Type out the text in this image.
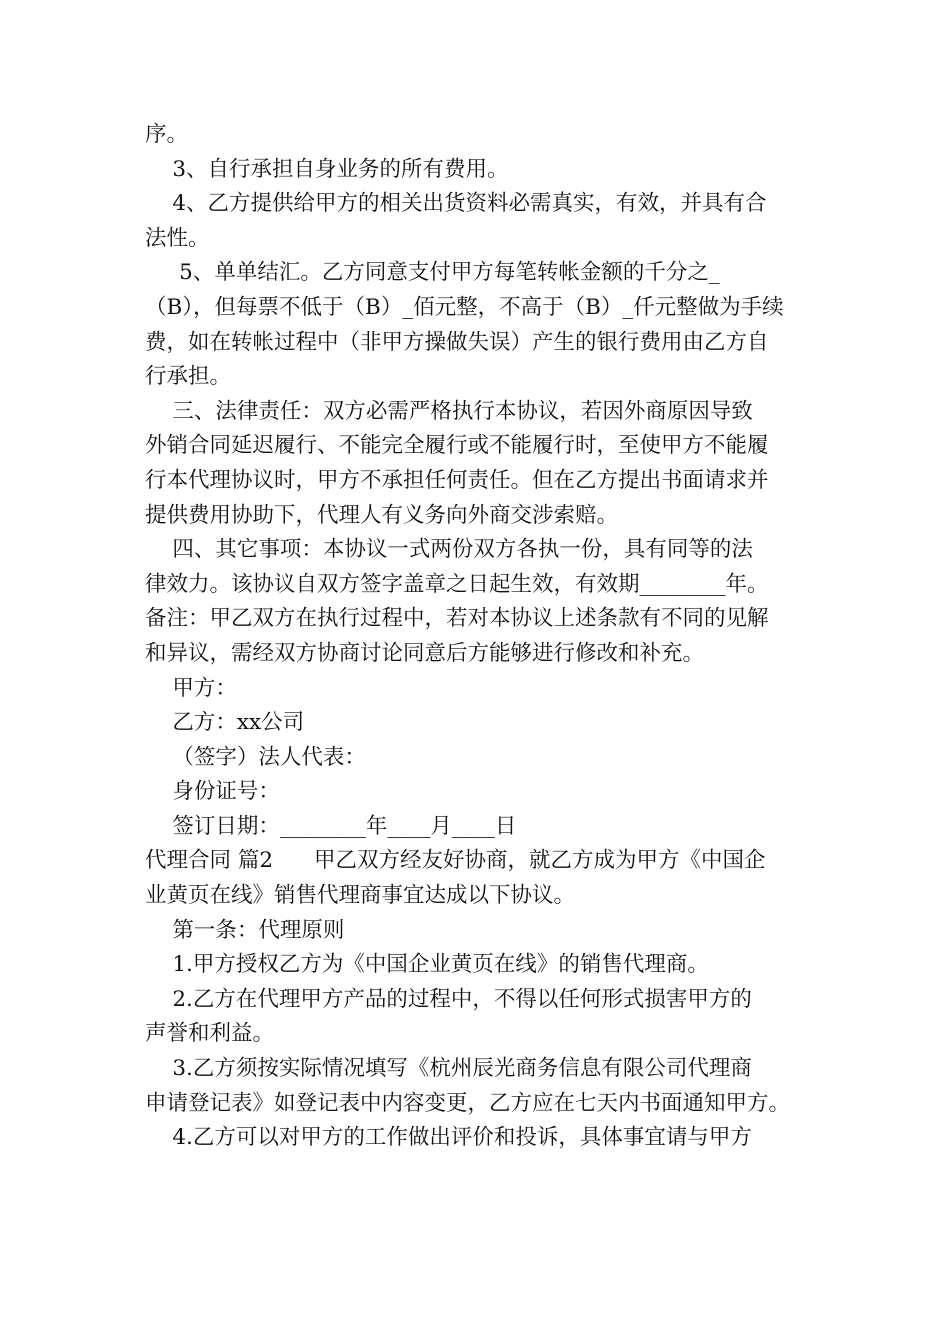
序。
3、自行承担自身业务的所有费用。
4、乙方提供给甲方的相关出货资料必需真实，有效，并具有合
法性。
5、单单结汇。乙方同意支付甲方每笔转帐金额的千分之_
（B），但每票不低于（B）_佰元整，不高于（B）_仟元整做为手续
费，如在转帐过程中（非甲方操做失误）产生的银行费用由乙方自
行承担。
三、法律责任：双方必需严格执行本协议，若因外商原因导致
外销合同延迟履行、不能完全履行或不能履行时，至使甲方不能履
行本代理协议时，甲方不承担任何责任。但在乙方提出书面请求并
提供费用协助下，代理人有义务向外商交涉索赔。
四、其它事项：本协议一式两份双方各执一份，具有同等的法
律效力。该协议自双方签字盖章之日起生效，有效期________年。
备注：甲乙双方在执行过程中，若对本协议上述条款有不同的见解
和异议，需经双方协商讨论同意后方能够进行修改和补充。
甲方：
乙方：xx公司
（签字）法人代表：
身份证号：
签订日期：________年____月____日
代理合同 篇2      甲乙双方经友好协商，就乙方成为甲方《中国企
业黄页在线》销售代理商事宜达成以下协议。
第一条：代理原则
1.甲方授权乙方为《中国企业黄页在线》的销售代理商。
2.乙方在代理甲方产品的过程中，不得以任何形式损害甲方的
声誉和利益。
3.乙方须按实际情况填写《杭州辰光商务信息有限公司代理商
申请登记表》如登记表中内容变更，乙方应在七天内书面通知甲方。
4.乙方可以对甲方的工作做出评价和投诉，具体事宜请与甲方
